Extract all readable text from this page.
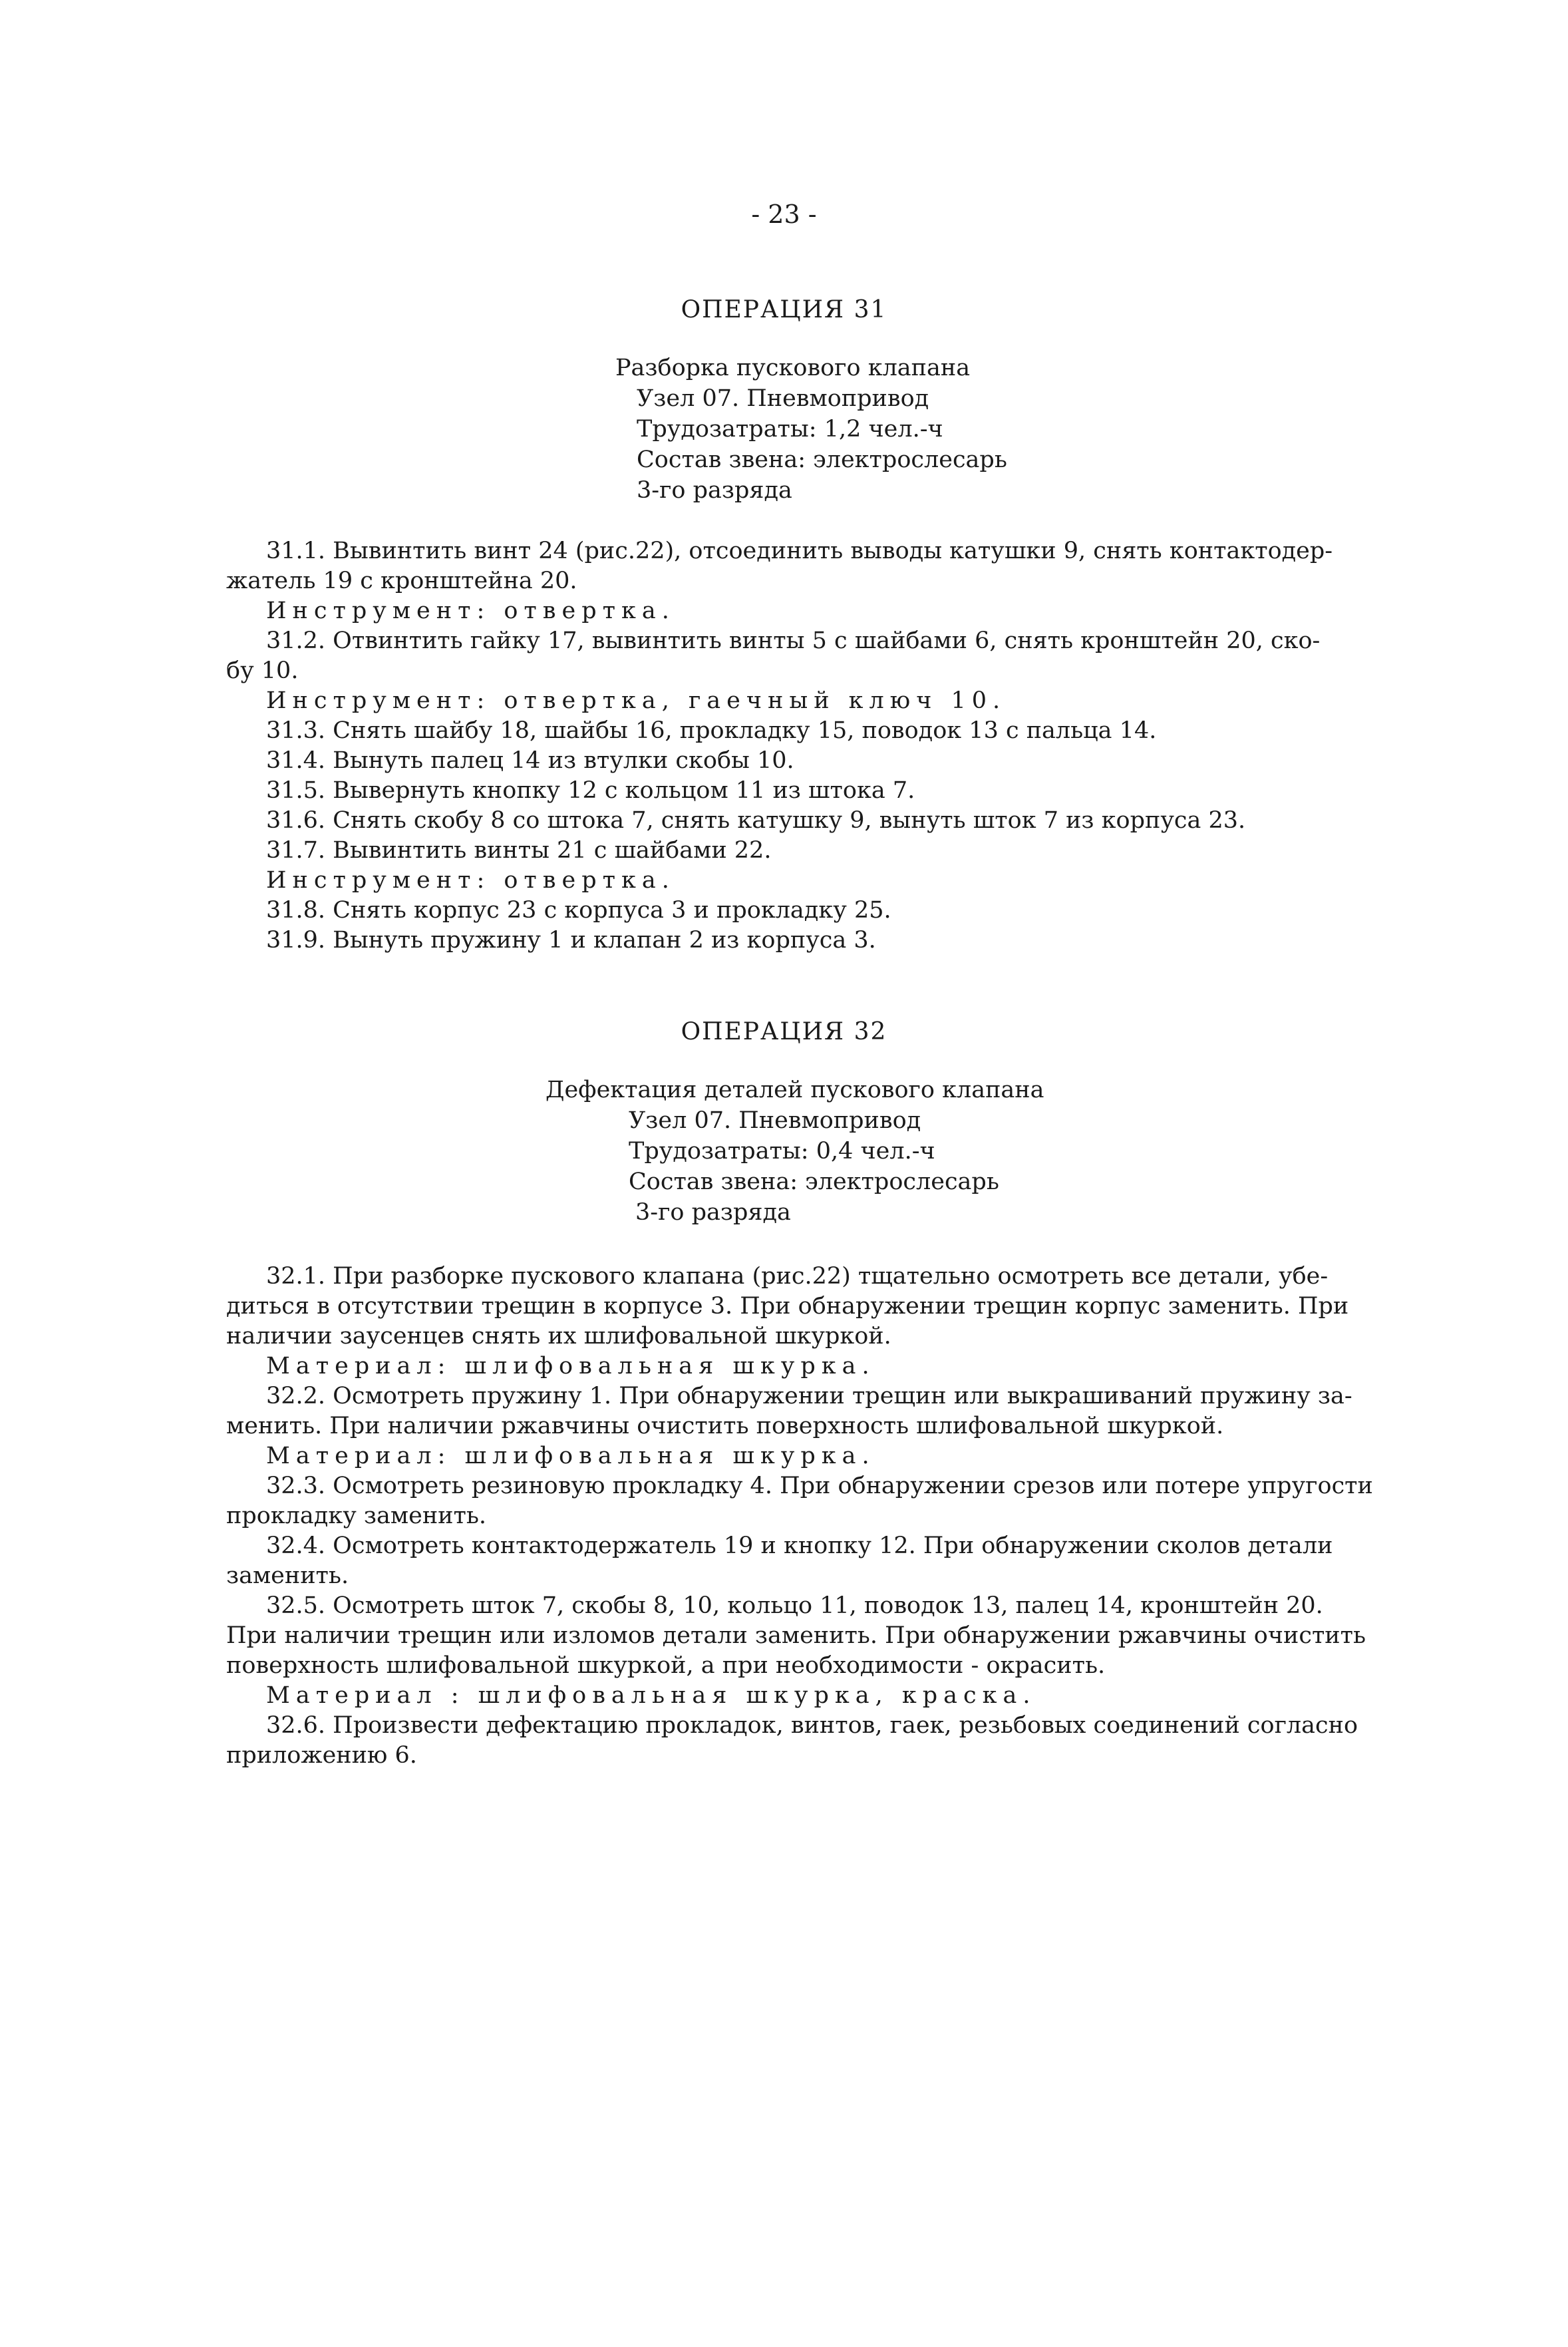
- 23 -
ОПЕРАЦИЯ 31
Разборка пускового клапана
Узел 07. Пневмопривод
Трудозатраты: 1,2 чел.-ч
Состав звена: электрослесарь
3-го разряда
31.1. Вывинтить винт 24 (рис.22), отсоединить выводы катушки 9, снять контактодер-
жатель 19 с кронштейна 20.
Инструмент: отвертка.
31.2. Отвинтить гайку 17, вывинтить винты 5 с шайбами 6, снять кронштейн 20, ско-
бу 10.
Инструмент: отвертка, гаечный ключ 10.
31.3. Снять шайбу 18, шайбы 16, прокладку 15, поводок 13 с пальца 14.
31.4. Вынуть палец 14 из втулки скобы 10.
31.5. Вывернуть кнопку 12 с кольцом 11 из штока 7.
31.6. Снять скобу 8 со штока 7, снять катушку 9, вынуть шток 7 из корпуса 23.
31.7. Вывинтить винты 21 с шайбами 22.
Инструмент: отвертка.
31.8. Снять корпус 23 с корпуса 3 и прокладку 25.
31.9. Вынуть пружину 1 и клапан 2 из корпуса 3.
ОПЕРАЦИЯ 32
Дефектация деталей пускового клапана
Узел 07. Пневмопривод
Трудозатраты: 0,4 чел.-ч
Состав звена: электрослесарь
3-го разряда
32.1. При разборке пускового клапана (рис.22) тщательно осмотреть все детали, убе-
диться в отсутствии трещин в корпусе 3. При обнаружении трещин корпус заменить. При
наличии заусенцев снять их шлифовальной шкуркой.
Материал: шлифовальная шкурка.
32.2. Осмотреть пружину 1. При обнаружении трещин или выкрашиваний пружину за-
менить. При наличии ржавчины очистить поверхность шлифовальной шкуркой.
Материал: шлифовальная шкурка.
32.3. Осмотреть резиновую прокладку 4. При обнаружении срезов или потере упругости
прокладку заменить.
32.4. Осмотреть контактодержатель 19 и кнопку 12. При обнаружении сколов детали
заменить.
32.5. Осмотреть шток 7, скобы 8, 10, кольцо 11, поводок 13, палец 14, кронштейн 20.
При наличии трещин или изломов детали заменить. При обнаружении ржавчины очистить
поверхность шлифовальной шкуркой, а при необходимости - окрасить.
Материал : шлифовальная шкурка, краска.
32.6. Произвести дефектацию прокладок, винтов, гаек, резьбовых соединений согласно
приложению 6.
